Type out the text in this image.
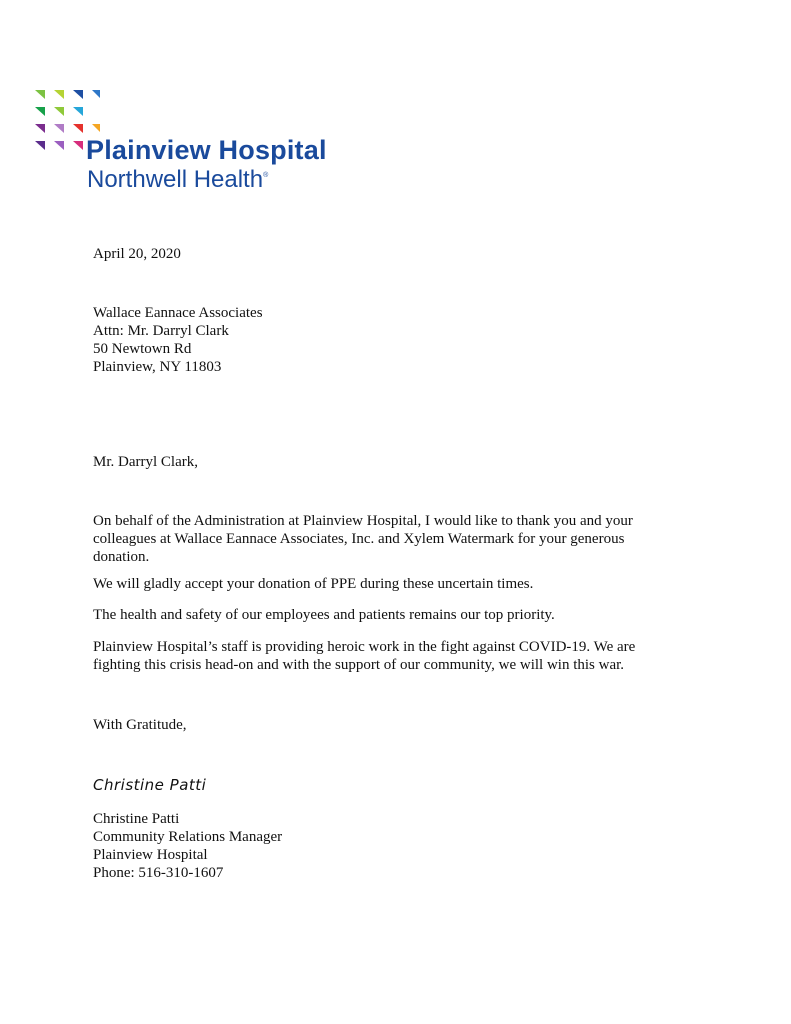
Plainview Hospital
Northwell Health®
April 20, 2020
Wallace Eannace Associates
Attn: Mr. Darryl Clark
50 Newtown Rd
Plainview, NY 11803
Mr. Darryl Clark,
On behalf of the Administration at Plainview Hospital, I would like to thank you and your colleagues at Wallace Eannace Associates, Inc. and Xylem Watermark for your generous donation.
We will gladly accept your donation of PPE during these uncertain times.
The health and safety of our employees and patients remains our top priority.
Plainview Hospital’s staff is providing heroic work in the fight against COVID-19. We are fighting this crisis head-on and with the support of our community, we will win this war.
With Gratitude,
Christine Patti
Christine Patti
Community Relations Manager
Plainview Hospital
Phone: 516-310-1607
